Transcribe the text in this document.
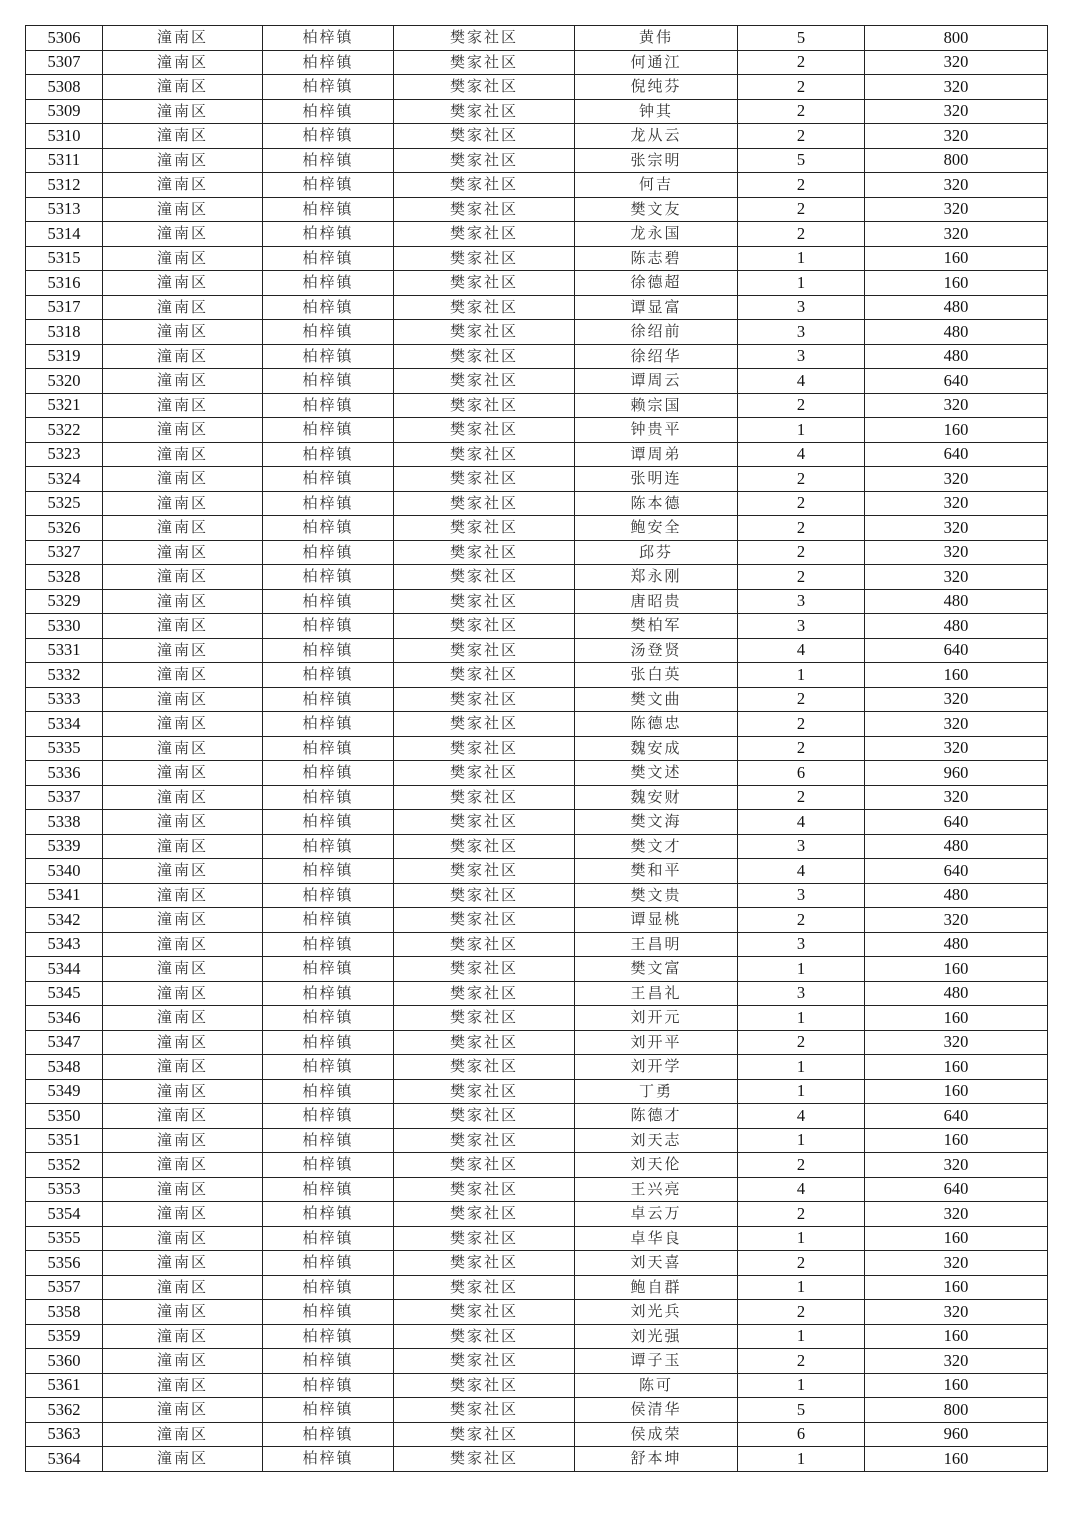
5306	潼南区	柏梓镇	樊家社区	黄伟	5	800
5307	潼南区	柏梓镇	樊家社区	何通江	2	320
5308	潼南区	柏梓镇	樊家社区	倪纯芬	2	320
5309	潼南区	柏梓镇	樊家社区	钟其	2	320
5310	潼南区	柏梓镇	樊家社区	龙从云	2	320
5311	潼南区	柏梓镇	樊家社区	张宗明	5	800
5312	潼南区	柏梓镇	樊家社区	何吉	2	320
5313	潼南区	柏梓镇	樊家社区	樊文友	2	320
5314	潼南区	柏梓镇	樊家社区	龙永国	2	320
5315	潼南区	柏梓镇	樊家社区	陈志碧	1	160
5316	潼南区	柏梓镇	樊家社区	徐德超	1	160
5317	潼南区	柏梓镇	樊家社区	谭显富	3	480
5318	潼南区	柏梓镇	樊家社区	徐绍前	3	480
5319	潼南区	柏梓镇	樊家社区	徐绍华	3	480
5320	潼南区	柏梓镇	樊家社区	谭周云	4	640
5321	潼南区	柏梓镇	樊家社区	赖宗国	2	320
5322	潼南区	柏梓镇	樊家社区	钟贵平	1	160
5323	潼南区	柏梓镇	樊家社区	谭周弟	4	640
5324	潼南区	柏梓镇	樊家社区	张明连	2	320
5325	潼南区	柏梓镇	樊家社区	陈本德	2	320
5326	潼南区	柏梓镇	樊家社区	鲍安全	2	320
5327	潼南区	柏梓镇	樊家社区	邱芬	2	320
5328	潼南区	柏梓镇	樊家社区	郑永刚	2	320
5329	潼南区	柏梓镇	樊家社区	唐昭贵	3	480
5330	潼南区	柏梓镇	樊家社区	樊柏军	3	480
5331	潼南区	柏梓镇	樊家社区	汤登贤	4	640
5332	潼南区	柏梓镇	樊家社区	张白英	1	160
5333	潼南区	柏梓镇	樊家社区	樊文曲	2	320
5334	潼南区	柏梓镇	樊家社区	陈德忠	2	320
5335	潼南区	柏梓镇	樊家社区	魏安成	2	320
5336	潼南区	柏梓镇	樊家社区	樊文述	6	960
5337	潼南区	柏梓镇	樊家社区	魏安财	2	320
5338	潼南区	柏梓镇	樊家社区	樊文海	4	640
5339	潼南区	柏梓镇	樊家社区	樊文才	3	480
5340	潼南区	柏梓镇	樊家社区	樊和平	4	640
5341	潼南区	柏梓镇	樊家社区	樊文贵	3	480
5342	潼南区	柏梓镇	樊家社区	谭显桃	2	320
5343	潼南区	柏梓镇	樊家社区	王昌明	3	480
5344	潼南区	柏梓镇	樊家社区	樊文富	1	160
5345	潼南区	柏梓镇	樊家社区	王昌礼	3	480
5346	潼南区	柏梓镇	樊家社区	刘开元	1	160
5347	潼南区	柏梓镇	樊家社区	刘开平	2	320
5348	潼南区	柏梓镇	樊家社区	刘开学	1	160
5349	潼南区	柏梓镇	樊家社区	丁勇	1	160
5350	潼南区	柏梓镇	樊家社区	陈德才	4	640
5351	潼南区	柏梓镇	樊家社区	刘天志	1	160
5352	潼南区	柏梓镇	樊家社区	刘天伦	2	320
5353	潼南区	柏梓镇	樊家社区	王兴亮	4	640
5354	潼南区	柏梓镇	樊家社区	卓云万	2	320
5355	潼南区	柏梓镇	樊家社区	卓华良	1	160
5356	潼南区	柏梓镇	樊家社区	刘天喜	2	320
5357	潼南区	柏梓镇	樊家社区	鲍自群	1	160
5358	潼南区	柏梓镇	樊家社区	刘光兵	2	320
5359	潼南区	柏梓镇	樊家社区	刘光强	1	160
5360	潼南区	柏梓镇	樊家社区	谭子玉	2	320
5361	潼南区	柏梓镇	樊家社区	陈可	1	160
5362	潼南区	柏梓镇	樊家社区	侯清华	5	800
5363	潼南区	柏梓镇	樊家社区	侯成荣	6	960
5364	潼南区	柏梓镇	樊家社区	舒本坤	1	160
